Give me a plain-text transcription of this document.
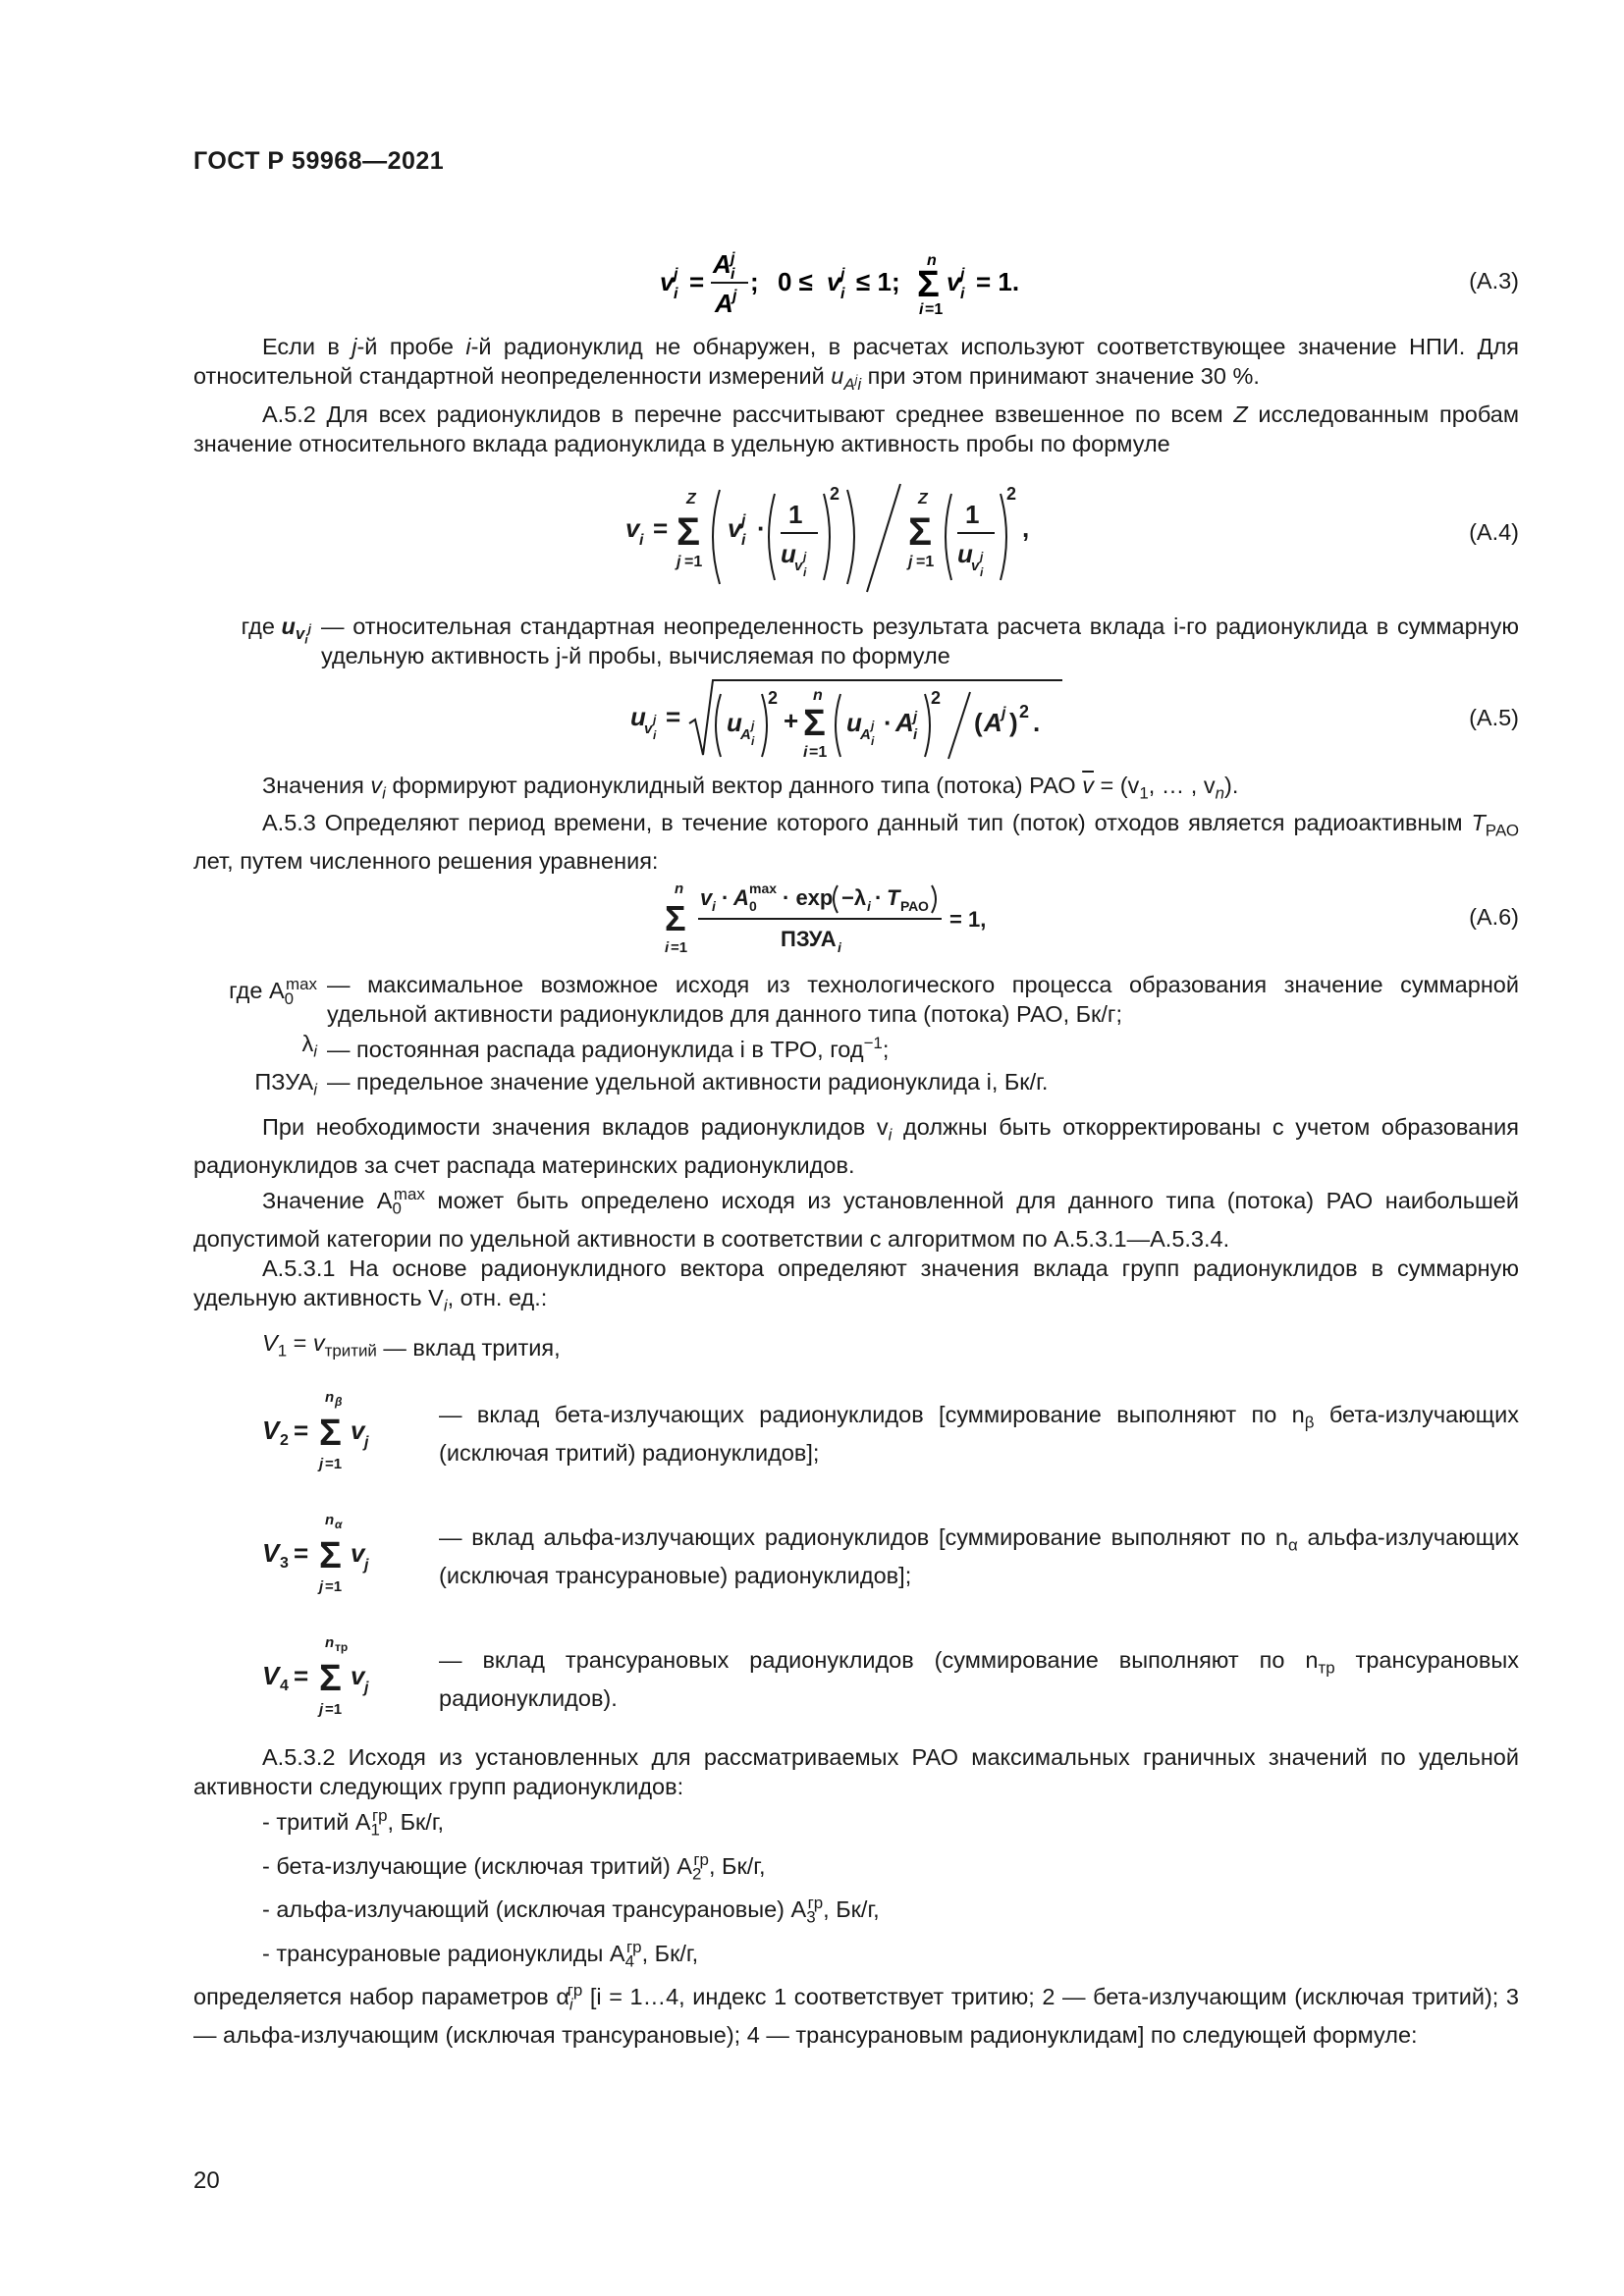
ГОСТ Р 59968—2021
v i
j =
A i
j
A j ; 0 ≤ v i
j ≤ 1;
n
Σ
i =1
v i
j = 1.	(А.3)

Если в j-й пробе i-й радионуклид не обнаружен, в расчетах используют соответствующее значение НПИ. Для относительной стандартной неопределенности измерений $u_{A^ji}$ при этом принимают значение 30 %.

А.5.2 Для всех радионуклидов в перечне рассчитывают среднее взвешенное по всем Z исследованным пробам значение относительного вклада радионуклида в удельную активность пробы по формуле

v i =
Z
Σ
j =1
v i
j · 1
u
v i
j
2	Z
Σ
j =1
1
u
v i
j
2
,	(А.4)
где $u_{v_i^j}$ — относительная стандартная неопределенность результата расчета вклада i-го радионуклида в суммарную удельную активность j-й пробы, вычисляемая по формуле
u
v i
j = u
A i
j
2
+
n
Σ
i =1
u
A i
j · A i
j
2
( A j ) 2 .	(А.5)

Значения $v_i$ формируют радионуклидный вектор данного типа (потока) РАО $\overline{v} = (v_1$, … , $v_n$).

А.5.3 Определяют период времени, в течение которого данный тип (поток) отходов является радиоактивным $T_{РАО}$ лет, путем численного решения уравнения:

n
Σ
i =1
v i · A 0
max · exp −λ i · T РАО
ПЗУА i
= 1,	(А.6)
где $A_0^{max}$ — максимальное возможное исходя из технологического процесса образования значение суммарной удельной активности радионуклидов для данного типа (потока) РАО, Бк/г;
$\lambda_i$ — постоянная распада радионуклида i в ТРО, год$^{-1}$;
$ПЗУА_i$ — предельное значение удельной активности радионуклида i, Бк/г.

При необходимости значения вкладов радионуклидов $v_i$ должны быть откорректированы с учетом образования радионуклидов за счет распада материнских радионуклидов.

Значение $A_0^{max}$ может быть определено исходя из установленной для данного типа (потока) РАО наибольшей допустимой категории по удельной активности в соответствии с алгоритмом по А.5.3.1—А.5.3.4.

А.5.3.1 На основе радионуклидного вектора определяют значения вклада групп радионуклидов в суммарную удельную активность $V_i$, отн. ед.:

$V_1 = v_{тритий}$ — вклад трития,
V 2 =
n β
Σ
j =1
v j
— вклад бета-излучающих радионуклидов [суммирование выполняют по $n_\beta$ бета-излучающих (исключая тритий) радионуклидов];
V 3 =
n α
Σ
j =1
v j
— вклад альфа-излучающих радионуклидов [суммирование выполняют по $n_\alpha$ альфа-излучающих (исключая трансурановые) радионуклидов];
V 4 =
n тр
Σ
j =1
v j
— вклад трансурановых радионуклидов (суммирование выполняют по $n_{тр}$ трансурановых радионуклидов).

А.5.3.2 Исходя из установленных для рассматриваемых РАО максимальных граничных значений по удельной активности следующих групп радионуклидов:

- тритий $A_1^{гр}$, Бк/г,
- бета-излучающие (исключая тритий) $A_2^{гр}$, Бк/г,
- альфа-излучающий (исключая трансурановые) $A_3^{гр}$, Бк/г,
- трансурановые радионуклиды $A_4^{гр}$, Бк/г,

определяется набор параметров $\alpha_i^{гр}$ [i = 1…4, индекс 1 соответствует тритию; 2 — бета-излучающим (исключая тритий); 3 — альфа-излучающим (исключая трансурановые); 4 — трансурановым радионуклидам] по следующей формуле:

20
